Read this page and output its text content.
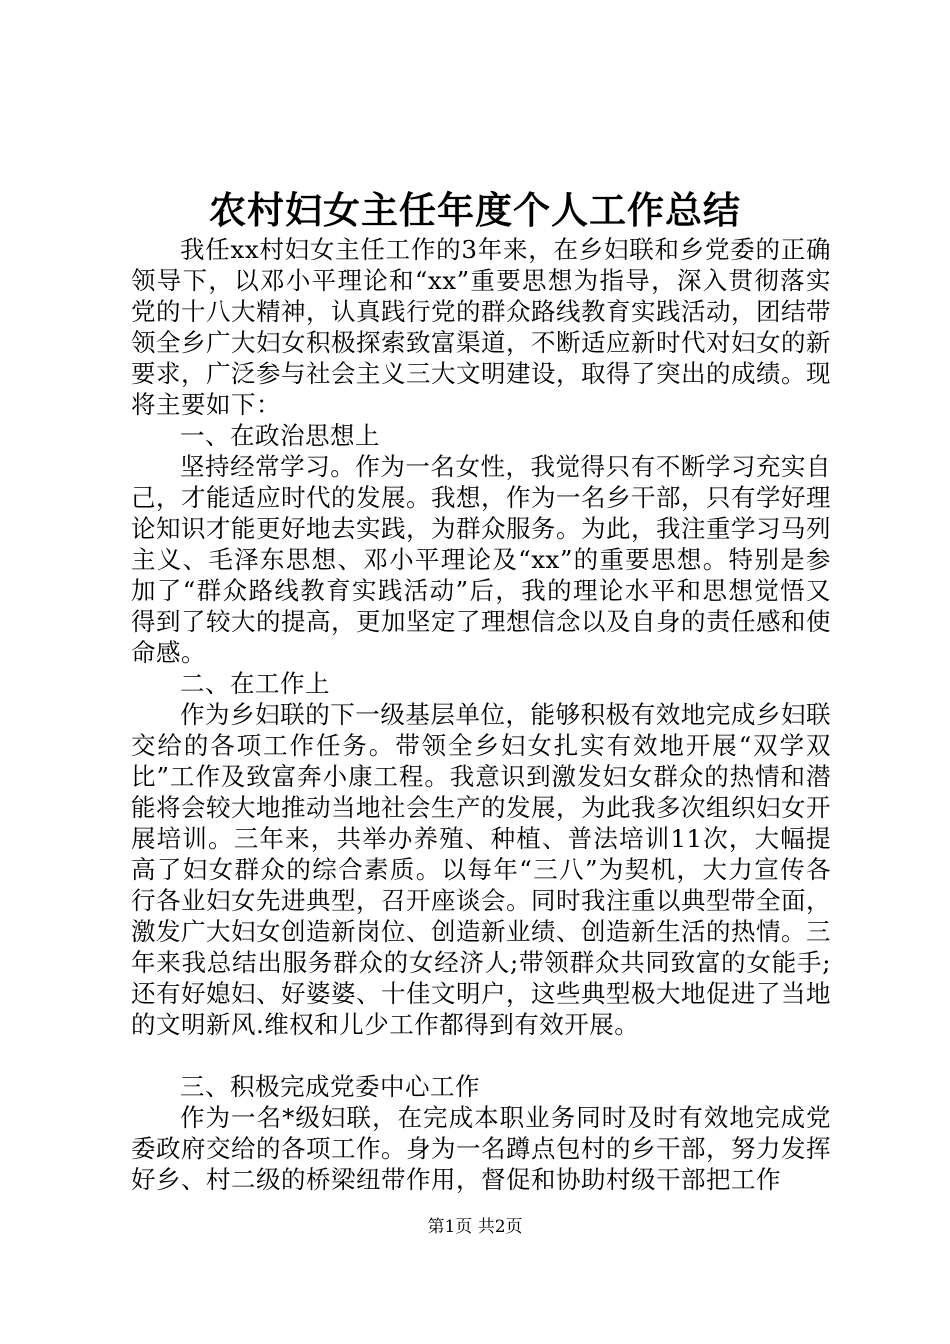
农村妇女主任年度个人工作总结

我任xx村妇女主任工作的3年来，在乡妇联和乡党委的正确领导下，以邓小平理论和“xx”重要思想为指导，深入贯彻落实党的十八大精神，认真践行党的群众路线教育实践活动，团结带领全乡广大妇女积极探索致富渠道，不断适应新时代对妇女的新要求，广泛参与社会主义三大文明建设，取得了突出的成绩。现将主要如下：

一、在政治思想上

坚持经常学习。作为一名女性，我觉得只有不断学习充实自己，才能适应时代的发展。我想，作为一名乡干部，只有学好理论知识才能更好地去实践，为群众服务。为此，我注重学习马列主义、毛泽东思想、邓小平理论及“xx”的重要思想。特别是参加了“群众路线教育实践活动”后，我的理论水平和思想觉悟又得到了较大的提高，更加坚定了理想信念以及自身的责任感和使命感。

二、在工作上

作为乡妇联的下一级基层单位，能够积极有效地完成乡妇联交给的各项工作任务。带领全乡妇女扎实有效地开展“双学双比”工作及致富奔小康工程。我意识到激发妇女群众的热情和潜能将会较大地推动当地社会生产的发展，为此我多次组织妇女开展培训。三年来，共举办养殖、种植、普法培训11次，大幅提高了妇女群众的综合素质。以每年“三八”为契机，大力宣传各行各业妇女先进典型，召开座谈会。同时我注重以典型带全面，激发广大妇女创造新岗位、创造新业绩、创造新生活的热情。三年来我总结出服务群众的女经济人;带领群众共同致富的女能手;还有好媳妇、好婆婆、十佳文明户，这些典型极大地促进了当地的文明新风.维权和儿少工作都得到有效开展。

三、积极完成党委中心工作

作为一名*级妇联，在完成本职业务同时及时有效地完成党委政府交给的各项工作。身为一名蹲点包村的乡干部，努力发挥好乡、村二级的桥梁纽带作用，督促和协助村级干部把工作

第1页 共2页
